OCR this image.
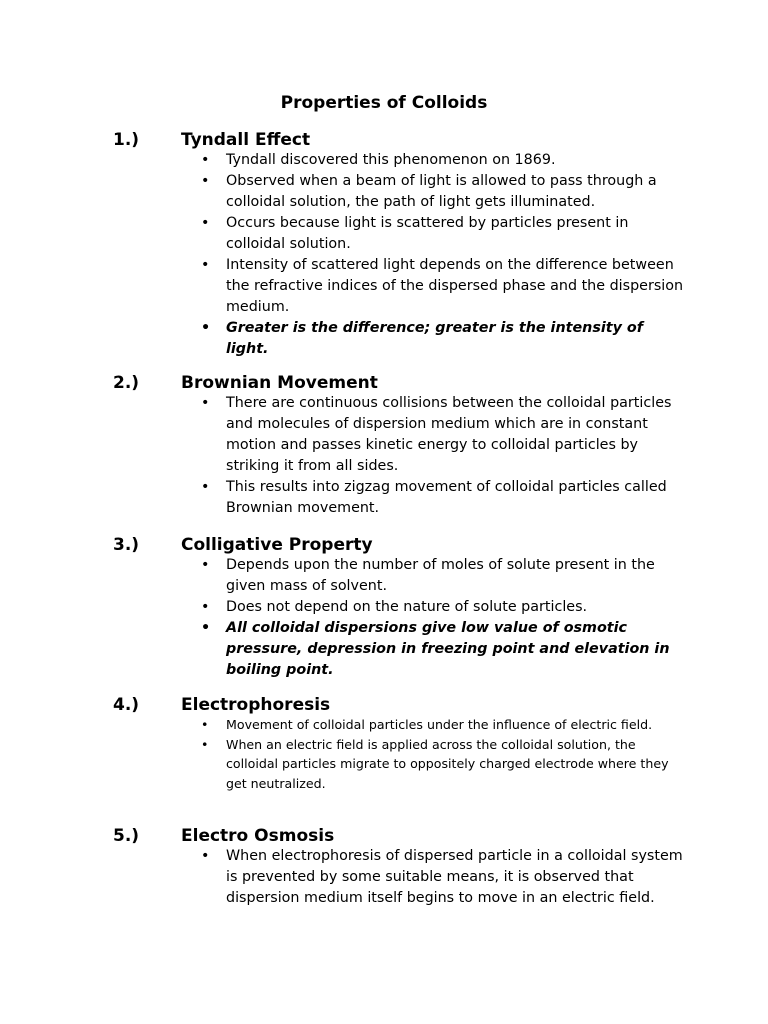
Properties of Colloids
1.) Tyndall Effect
• Tyndall discovered this phenomenon on 1869.
• Observed when a beam of light is allowed to pass through a colloidal solution, the path of light gets illuminated.
• Occurs because light is scattered by particles present in colloidal solution.
• Intensity of scattered light depends on the difference between the refractive indices of the dispersed phase and the dispersion medium.
• Greater is the difference; greater is the intensity of light.
2.) Brownian Movement
• There are continuous collisions between the colloidal particles and molecules of dispersion medium which are in constant motion and passes kinetic energy to colloidal particles by striking it from all sides.
• This results into zigzag movement of colloidal particles called Brownian movement.
3.) Colligative Property
• Depends upon the number of moles of solute present in the given mass of solvent.
• Does not depend on the nature of solute particles.
• All colloidal dispersions give low value of osmotic pressure, depression in freezing point and elevation in boiling point.
4.) Electrophoresis
• Movement of colloidal particles under the influence of electric field.
• When an electric field is applied across the colloidal solution, the colloidal particles migrate to oppositely charged electrode where they get neutralized.
5.) Electro Osmosis
• When electrophoresis of dispersed particle in a colloidal system is prevented by some suitable means, it is observed that dispersion medium itself begins to move in an electric field.
